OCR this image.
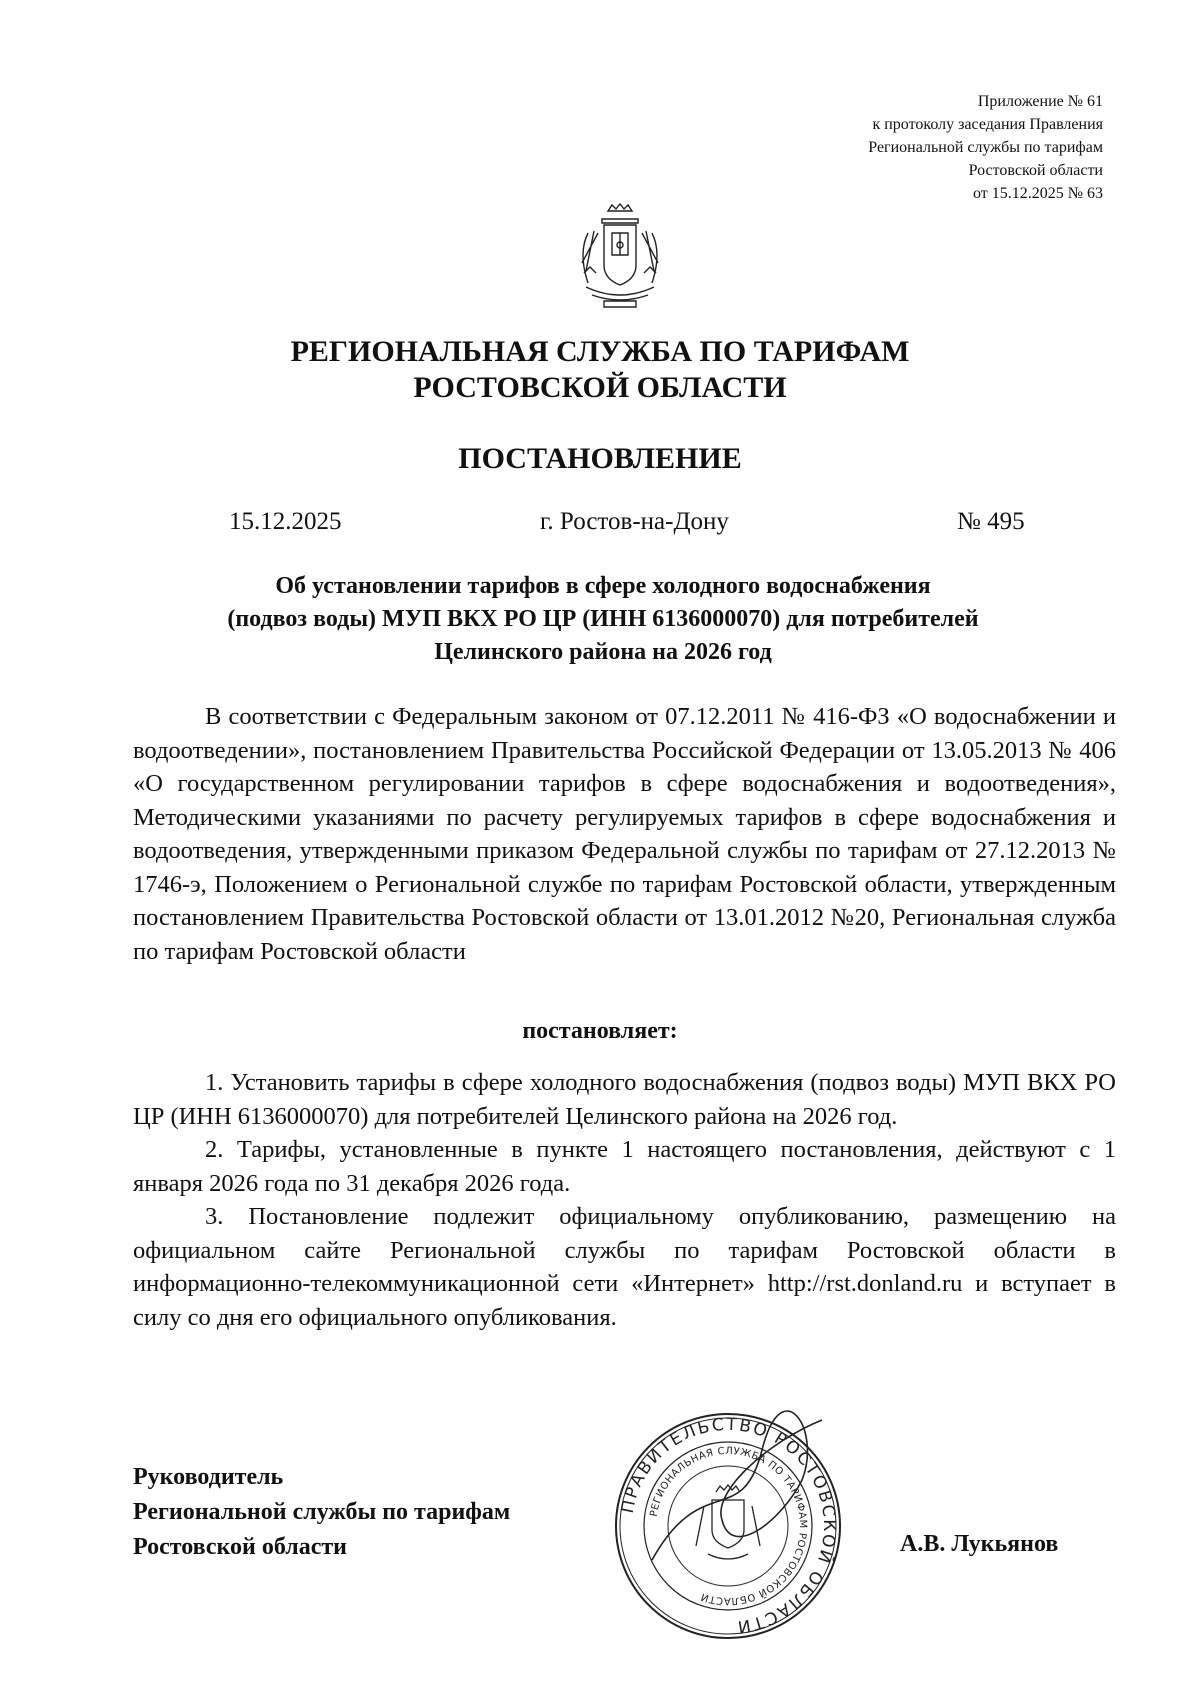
Приложение № 61
к протоколу заседания Правления
Региональной службы по тарифам
Ростовской области
от 15.12.2025 № 63
РЕГИОНАЛЬНАЯ СЛУЖБА ПО ТАРИФАМ
РОСТОВСКОЙ ОБЛАСТИ
ПОСТАНОВЛЕНИЕ
15.12.2025	г. Ростов-на-Дону	№ 495
Об установлении тарифов в сфере холодного водоснабжения
(подвоз воды) МУП ВКХ РО ЦР (ИНН 6136000070) для потребителей
Целинского района на 2026 год
В соответствии с Федеральным законом от 07.12.2011 № 416-ФЗ «О водоснабжении и водоотведении», постановлением Правительства Российской Федерации от 13.05.2013 № 406 «О государственном регулировании тарифов в сфере водоснабжения и водоотведения», Методическими указаниями по расчету регулируемых тарифов в сфере водоснабжения и водоотведения, утвержденными приказом Федеральной службы по тарифам от 27.12.2013 № 1746-э, Положением о Региональной службе по тарифам Ростовской области, утвержденным постановлением Правительства Ростовской области от 13.01.2012 №20, Региональная служба по тарифам Ростовской области
постановляет:

1. Установить тарифы в сфере холодного водоснабжения (подвоз воды) МУП ВКХ РО ЦР (ИНН 6136000070) для потребителей Целинского района на 2026 год.

2. Тарифы, установленные в пункте 1 настоящего постановления, действуют с 1 января 2026 года по 31 декабря 2026 года.

3. Постановление подлежит официальному опубликованию, размещению на официальном сайте Региональной службы по тарифам Ростовской области в информационно-телекоммуникационной сети «Интернет» http://rst.donland.ru и вступает в силу со дня его официального опубликования.

Руководитель
Региональной службы по тарифам
Ростовской области
ПРАВИТЕЛЬСТВО РОСТОВСКОЙ ОБЛАСТИ
РЕГИОНАЛЬНАЯ СЛУЖБА ПО ТАРИФАМ РОСТОВСКОЙ ОБЛАСТИ
А.В. Лукьянов
